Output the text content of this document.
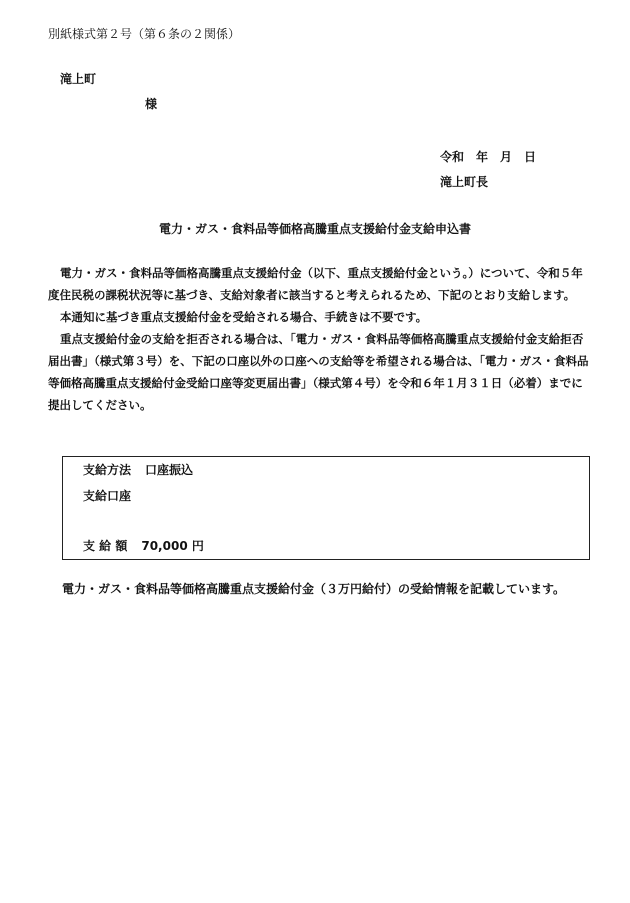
別紙様式第２号（第６条の２関係）
滝上町
様
令和　年　月　日
滝上町長
電力・ガス・食料品等価格高騰重点支援給付金支給申込書

電力・ガス・食料品等価格高騰重点支援給付金（以下、重点支援給付金という。）について、令和５年度住民税の課税状況等に基づき、支給対象者に該当すると考えられるため、下記のとおり支給します。

本通知に基づき重点支援給付金を受給される場合、手続きは不要です。

重点支援給付金の支給を拒否される場合は、「電力・ガス・食料品等価格高騰重点支援給付金支給拒否届出書」（様式第３号）を、下記の口座以外の口座への支給等を希望される場合は、「電力・ガス・食料品等価格高騰重点支援給付金受給口座等変更届出書」（様式第４号）を令和６年１月３１日（必着）までに提出してください。

支給方法 口座振込
支給口座
支 給 額 70,000 円
電力・ガス・食料品等価格高騰重点支援給付金（３万円給付）の受給情報を記載しています。
